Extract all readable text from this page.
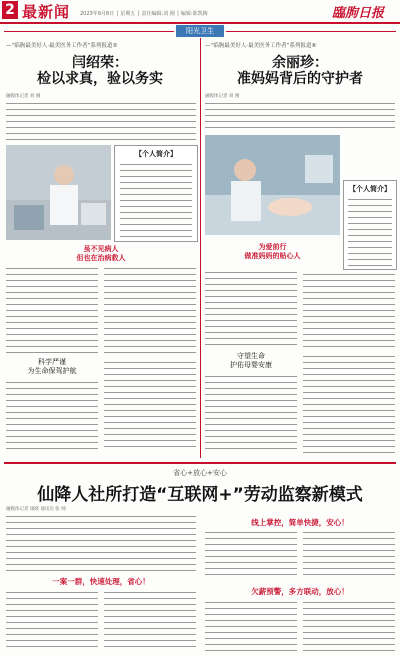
2 最新闻 2023年9月8日 │ 星期五 │ 责任编辑:刘 刚 │ 编辑:陈凯梅	臨朐日报
阳光卫生
—“临朐最美好人·最美医务工作者”系列报道⑤
闫绍荣：
检以求真，验以务实
融媒体记者 刘 刚
【个人简介】
虽不见病人
但也在治病救人
科学严谨
为生命保驾护航
—“临朐最美好人·最美医务工作者”系列报道⑥
余丽珍：
准妈妈背后的守护者
融媒体记者 刘 刚
【个人简介】
为爱前行
做准妈妈的贴心人
守望生命
护佑母婴安康
省心+放心+安心
仙降人社所打造“互联网+”劳动监察新模式
融媒体记者 康晓 通讯员 张 帅
一案一群，快速处理，省心！
线上掌控，简单快捷，安心！
欠薪预警，多方联动，放心！
